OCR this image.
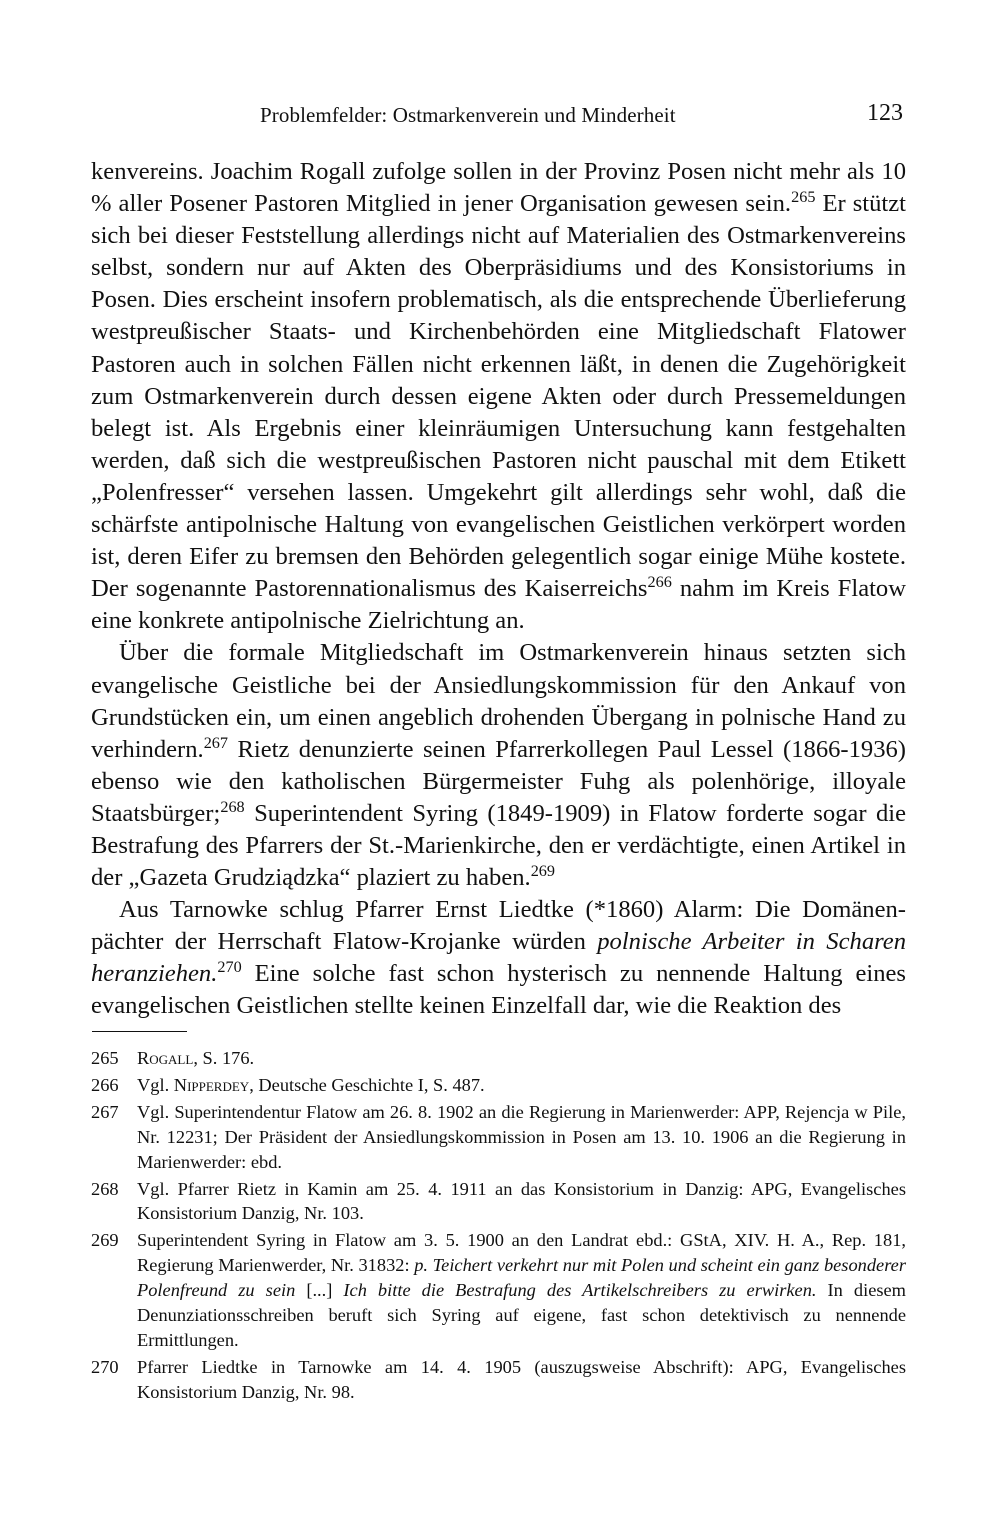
Problemfelder: Ostmarkenverein und Minderheit	123

kenvereins. Joachim Rogall zufolge sollen in der Provinz Posen nicht mehr als 10 % aller Posener Pastoren Mitglied in jener Organisation gewesen sein.$^{265}$ Er stützt sich bei dieser Feststellung allerdings nicht auf Materialien des Ostmarkenvereins selbst, sondern nur auf Akten des Oberpräsidiums und des Konsistoriums in Posen. Dies erscheint insofern problematisch, als die entsprechende Überlieferung westpreußischer Staats- und Kirchenbehörden eine Mitgliedschaft Flatower Pastoren auch in solchen Fällen nicht erkennen läßt, in denen die Zugehörigkeit zum Ostmarkenverein durch dessen eigene Akten oder durch Pressemeldungen belegt ist. Als Ergebnis einer kleinräumigen Untersuchung kann festgehalten werden, daß sich die westpreußischen Pastoren nicht pauschal mit dem Etikett „Polenfresser“ versehen lassen. Umgekehrt gilt allerdings sehr wohl, daß die schärfste antipolnische Haltung von evangelischen Geistlichen verkörpert worden ist, deren Eifer zu bremsen den Behörden gelegentlich sogar einige Mühe kostete. Der sogenannte Pastorennationalismus des Kaiserreichs$^{266}$ nahm im Kreis Flatow eine konkrete antipolnische Zielrichtung an.

Über die formale Mitgliedschaft im Ostmarkenverein hinaus setzten sich evangelische Geistliche bei der Ansiedlungskommission für den Ankauf von Grundstücken ein, um einen angeblich drohenden Übergang in polnische Hand zu verhindern.$^{267}$ Rietz denunzierte seinen Pfarrerkollegen Paul Lessel (1866-1936) ebenso wie den katholischen Bürgermeister Fuhg als polenhörige, illoyale Staatsbürger;$^{268}$ Superintendent Syring (1849-1909) in Flatow forderte sogar die Bestrafung des Pfarrers der St.-Marienkirche, den er verdächtigte, einen Artikel in der „Gazeta Grudziądzka“ plaziert zu haben.$^{269}$

Aus Tarnowke schlug Pfarrer Ernst Liedtke (*1860) Alarm: Die Domänenpächter der Herrschaft Flatow-Krojanke würden polnische Arbeiter in Scharen heranziehen.$^{270}$ Eine solche fast schon hysterisch zu nennende Haltung eines evangelischen Geistlichen stellte keinen Einzelfall dar, wie die Reaktion des

265 Rogall, S. 176.
266 Vgl. Nipperdey, Deutsche Geschichte I, S. 487.
267 Vgl. Superintendentur Flatow am 26. 8. 1902 an die Regierung in Marienwerder: APP, Rejencja w Pile, Nr. 12231; Der Präsident der Ansiedlungskommission in Posen am 13. 10. 1906 an die Regierung in Marienwerder: ebd.
268 Vgl. Pfarrer Rietz in Kamin am 25. 4. 1911 an das Konsistorium in Danzig: APG, Evangelisches Konsistorium Danzig, Nr. 103.
269 Superintendent Syring in Flatow am 3. 5. 1900 an den Landrat ebd.: GStA, XIV. H. A., Rep. 181, Regierung Marienwerder, Nr. 31832: p. Teichert verkehrt nur mit Polen und scheint ein ganz besonderer Polenfreund zu sein [...] Ich bitte die Bestrafung des Artikelschreibers zu erwirken. In diesem Denunziationsschreiben beruft sich Syring auf eigene, fast schon detektivisch zu nennende Ermittlungen.
270 Pfarrer Liedtke in Tarnowke am 14. 4. 1905 (auszugsweise Abschrift): APG, Evangelisches Konsistorium Danzig, Nr. 98.
